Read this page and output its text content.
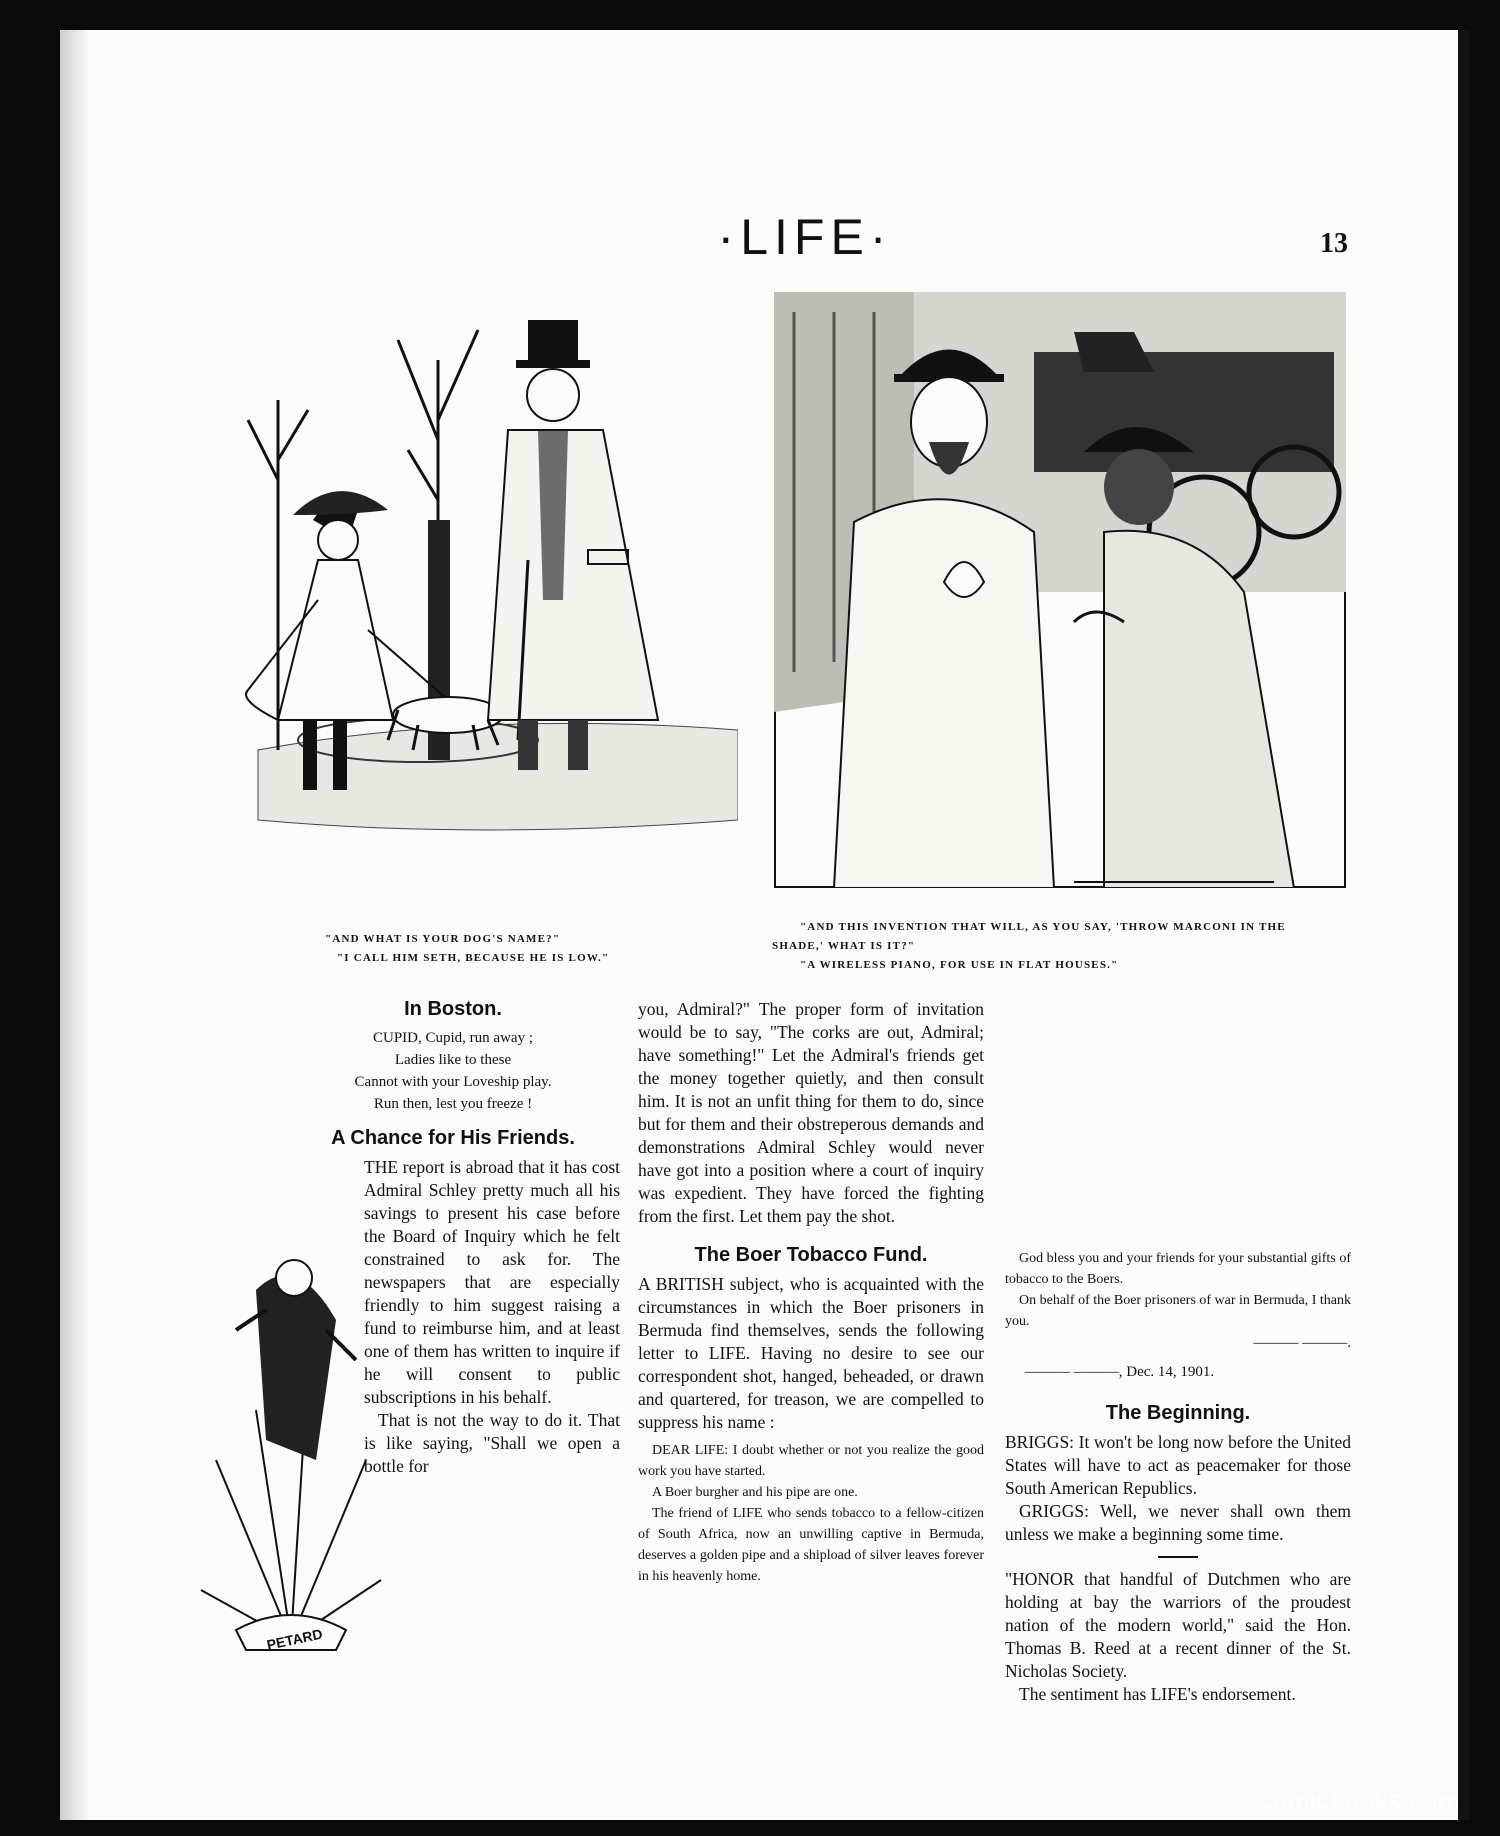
·LIFE·	13
"AND WHAT IS YOUR DOG'S NAME?"
"I CALL HIM SETH, BECAUSE HE IS LOW."
"AND THIS INVENTION THAT WILL, AS YOU SAY, 'THROW MARCONI IN THE
SHADE,' WHAT IS IT?"
"A WIRELESS PIANO, FOR USE IN FLAT HOUSES."
In Boston.
CUPID, Cupid, run away ;
Ladies like to these
Cannot with your Loveship play.
Run then, lest you freeze !
A Chance for His Friends.
PETARD

THE report is abroad that it has cost Admiral Schley pretty much all his savings to present his case before the Board of Inquiry which he felt constrained to ask for. The newspapers that are especially friendly to him suggest raising a fund to reimburse him, and at least one of them has written to inquire if he will consent to public subscriptions in his behalf.

That is not the way to do it. That is like saying, "Shall we open a bottle for

you, Admiral?" The proper form of invitation would be to say, "The corks are out, Admiral; have something!" Let the Admiral's friends get the money together quietly, and then consult him. It is not an unfit thing for them to do, since but for them and their obstreperous demands and demonstrations Admiral Schley would never have got into a position where a court of inquiry was expedient. They have forced the fighting from the first. Let them pay the shot.

The Boer Tobacco Fund.

A BRITISH subject, who is acquainted with the circumstances in which the Boer prisoners in Bermuda find themselves, sends the following letter to LIFE. Having no desire to see our correspondent shot, hanged, beheaded, or drawn and quartered, for treason, we are compelled to suppress his name :

DEAR LIFE: I doubt whether or not you realize the good work you have started.

A Boer burgher and his pipe are one.

The friend of LIFE who sends tobacco to a fellow-citizen of South Africa, now an unwilling captive in Bermuda, deserves a golden pipe and a shipload of silver leaves forever in his heavenly home.

God bless you and your friends for your substantial gifts of tobacco to the Boers.

On behalf of the Boer prisoners of war in Bermuda, I thank you.

——— ———.
——— ———, Dec. 14, 1901.
The Beginning.

BRIGGS: It won't be long now before the United States will have to act as peacemaker for those South American Republics.

GRIGGS: Well, we never shall own them unless we make a beginning some time.

"HONOR that handful of Dutchmen who are holding at bay the warriors of the proudest nation of the modern world," said the Hon. Thomas B. Reed at a recent dinner of the St. Nicholas Society.

The sentiment has LIFE's endorsement.

comicbooks.com
